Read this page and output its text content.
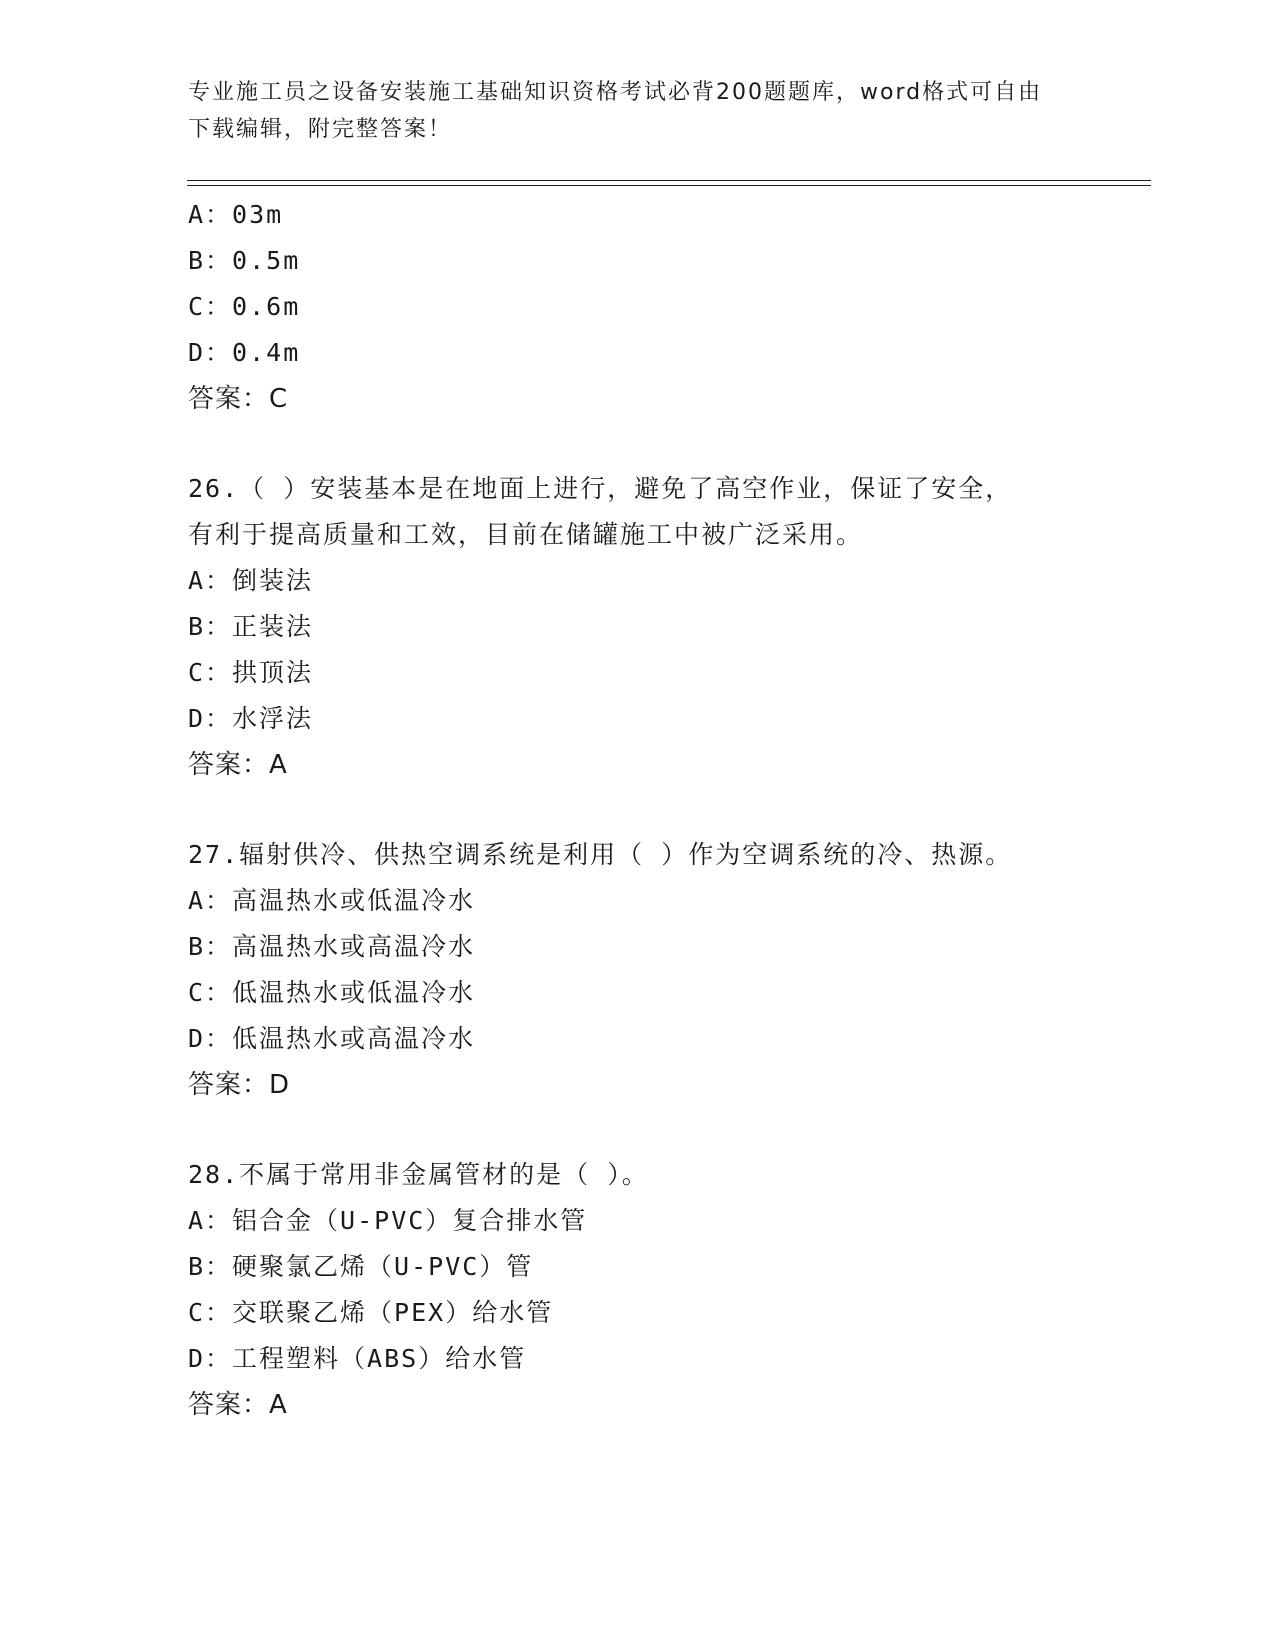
专业施工员之设备安装施工基础知识资格考试必背200题题库，word格式可自由
下载编辑，附完整答案！
A：03m
B：0.5m
C：0.6m
D：0.4m
答案：C
26.（ ）安装基本是在地面上进行，避免了高空作业，保证了安全，
有利于提高质量和工效，目前在储罐施工中被广泛采用。
A：倒装法
B：正装法
C：拱顶法
D：水浮法
答案：A
27.辐射供冷、供热空调系统是利用（ ）作为空调系统的冷、热源。
A：高温热水或低温冷水
B：高温热水或高温冷水
C：低温热水或低温冷水
D：低温热水或高温冷水
答案：D
28.不属于常用非金属管材的是（ ）。
A：铝合金（U-PVC）复合排水管
B：硬聚氯乙烯（U-PVC）管
C：交联聚乙烯（PEX）给水管
D：工程塑料（ABS）给水管
答案：A
